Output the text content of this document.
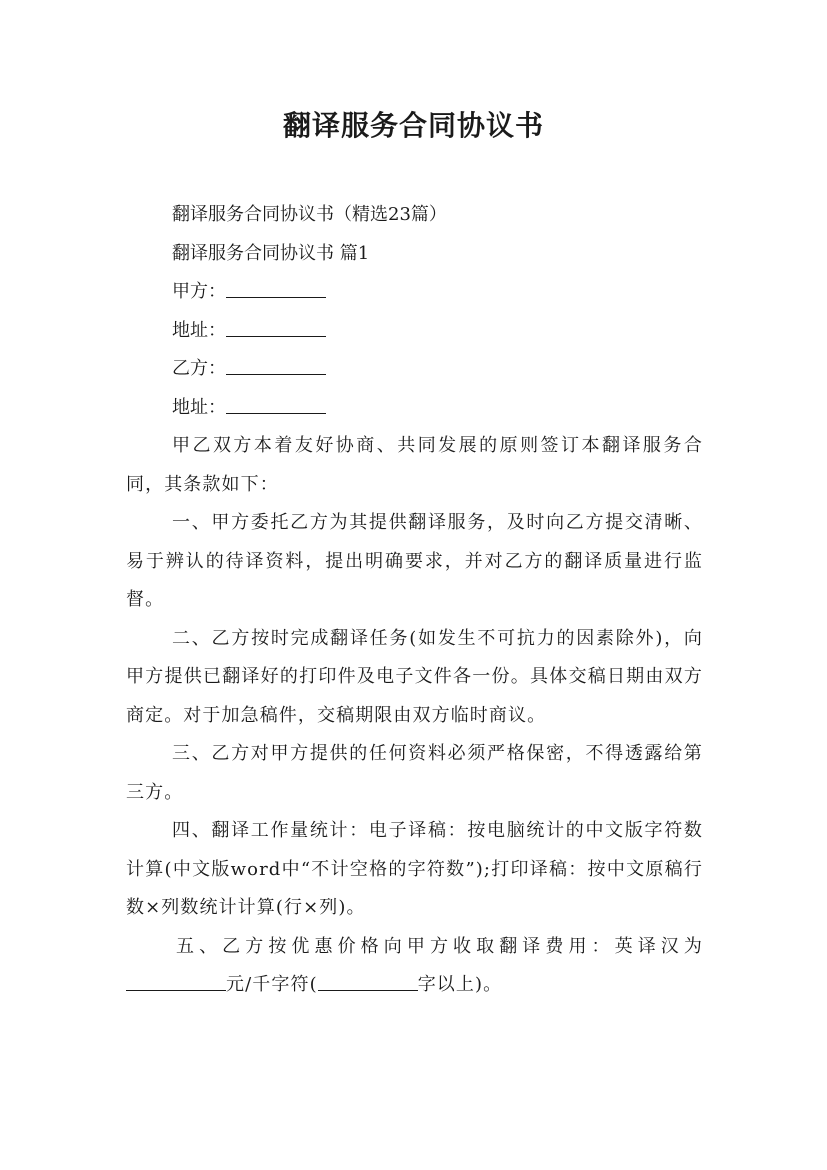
翻译服务合同协议书

翻译服务合同协议书（精选23篇）

翻译服务合同协议书 篇1

甲方：

地址：

乙方：

地址：

甲乙双方本着友好协商、共同发展的原则签订本翻译服务合同，其条款如下：

一、甲方委托乙方为其提供翻译服务，及时向乙方提交清晰、易于辨认的待译资料，提出明确要求，并对乙方的翻译质量进行监督。

二、乙方按时完成翻译任务(如发生不可抗力的因素除外)，向甲方提供已翻译好的打印件及电子文件各一份。具体交稿日期由双方商定。对于加急稿件，交稿期限由双方临时商议。

三、乙方对甲方提供的任何资料必须严格保密，不得透露给第三方。

四、翻译工作量统计：电子译稿：按电脑统计的中文版字符数计算(中文版word中“不计空格的字符数”);打印译稿：按中文原稿行数×列数统计计算(行×列)。

五、乙方按优惠价格向甲方收取翻译费用：英译汉为元/千字符(	字以上)。
